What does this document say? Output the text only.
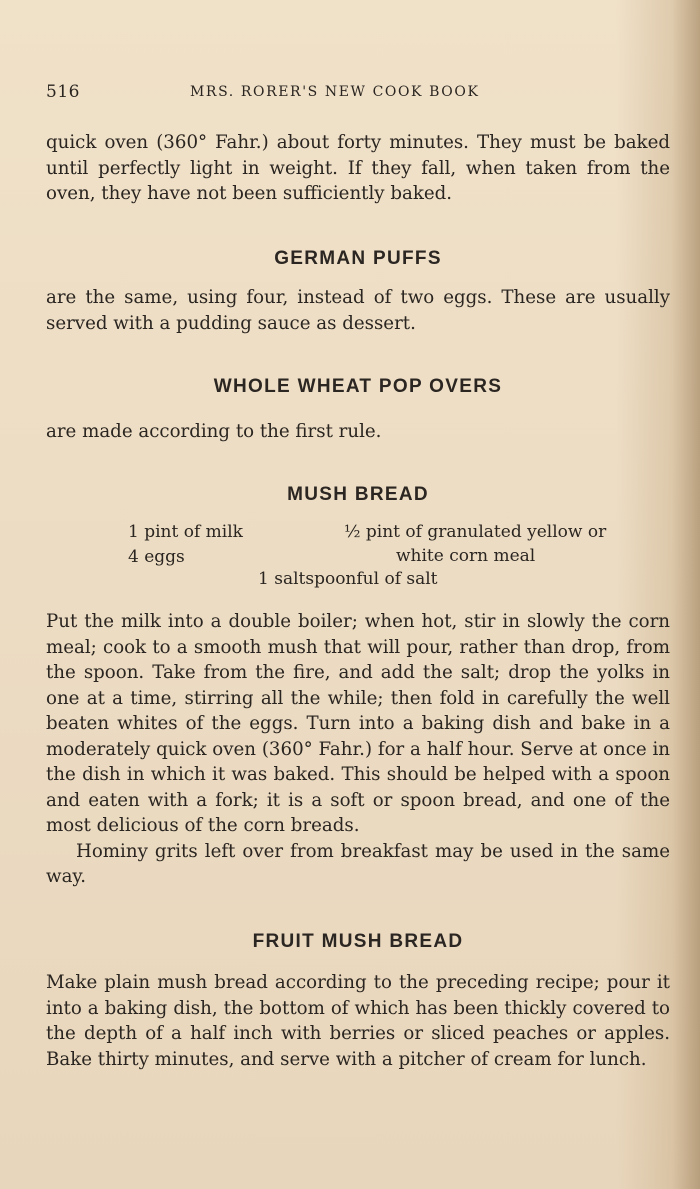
516	MRS. RORER'S NEW COOK BOOK

quick oven (360° Fahr.) about forty minutes. They must be baked until perfectly light in weight. If they fall, when taken from the oven, they have not been sufficiently baked.

GERMAN PUFFS

are the same, using four, instead of two eggs. These are usually served with a pudding sauce as dessert.

WHOLE WHEAT POP OVERS

are made according to the first rule.

MUSH BREAD
1 pint of milk
4 eggs
½ pint of granulated yellow or
white corn meal
1 saltspoonful of salt

Put the milk into a double boiler; when hot, stir in slowly the corn meal; cook to a smooth mush that will pour, rather than drop, from the spoon. Take from the fire, and add the salt; drop the yolks in one at a time, stirring all the while; then fold in carefully the well beaten whites of the eggs. Turn into a baking dish and bake in a moderately quick oven (360° Fahr.) for a half hour. Serve at once in the dish in which it was baked. This should be helped with a spoon and eaten with a fork; it is a soft or spoon bread, and one of the most delicious of the corn breads.

Hominy grits left over from breakfast may be used in the same way.

FRUIT MUSH BREAD

Make plain mush bread according to the preceding recipe; pour it into a baking dish, the bottom of which has been thickly covered to the depth of a half inch with berries or sliced peaches or apples. Bake thirty minutes, and serve with a pitcher of cream for lunch.
